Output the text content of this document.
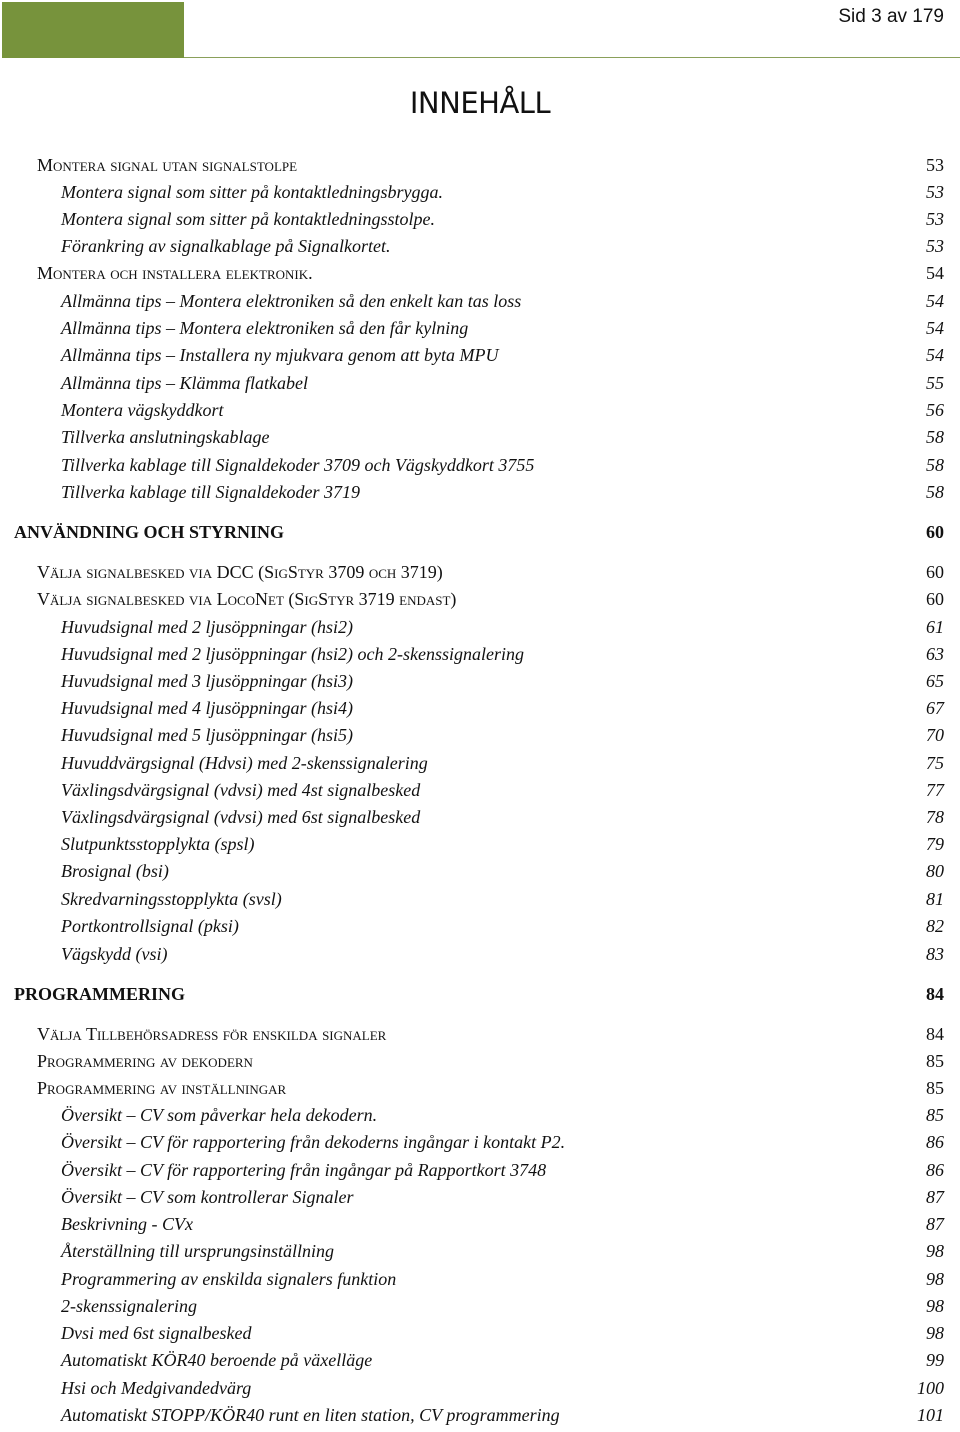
Sid 3 av 179
INNEHÅLL
Montera signal utan signalstolpe	53
Montera signal som sitter på kontaktledningsbrygga.	53
Montera signal som sitter på kontaktledningsstolpe.	53
Förankring av signalkablage på Signalkortet.	53
Montera och installera elektronik.	54
Allmänna tips – Montera elektroniken så den enkelt kan tas loss	54
Allmänna tips – Montera elektroniken så den får kylning	54
Allmänna tips – Installera ny mjukvara genom att byta MPU	54
Allmänna tips – Klämma flatkabel	55
Montera vägskyddkort	56
Tillverka anslutningskablage	58
Tillverka kablage till Signaldekoder 3709 och Vägskyddkort 3755	58
Tillverka kablage till Signaldekoder 3719	58
ANVÄNDNING OCH STYRNING	60
Välja signalbesked via DCC (SigStyr 3709 och 3719)	60
Välja signalbesked via LocoNet (SigStyr 3719 endast)	60
Huvudsignal med 2 ljusöppningar (hsi2)	61
Huvudsignal med 2 ljusöppningar (hsi2) och 2-skenssignalering	63
Huvudsignal med 3 ljusöppningar (hsi3)	65
Huvudsignal med 4 ljusöppningar (hsi4)	67
Huvudsignal med 5 ljusöppningar (hsi5)	70
Huvuddvärgsignal (Hdvsi) med 2-skenssignalering	75
Växlingsdvärgsignal (vdvsi) med 4st signalbesked	77
Växlingsdvärgsignal (vdvsi) med 6st signalbesked	78
Slutpunktsstopplykta (spsl)	79
Brosignal (bsi)	80
Skredvarningsstopplykta (svsl)	81
Portkontrollsignal (pksi)	82
Vägskydd (vsi)	83
PROGRAMMERING	84
Välja Tillbehörsadress för enskilda signaler	84
Programmering av dekodern	85
Programmering av inställningar	85
Översikt – CV som påverkar hela dekodern.	85
Översikt – CV för rapportering från dekoderns ingångar i kontakt P2.	86
Översikt – CV för rapportering från ingångar på Rapportkort 3748	86
Översikt – CV som kontrollerar Signaler	87
Beskrivning - CVx	87
Återställning till ursprungsinställning	98
Programmering av enskilda signalers funktion	98
2-skenssignalering	98
Dvsi med 6st signalbesked	98
Automatiskt KÖR40 beroende på växelläge	99
Hsi och Medgivandedvärg	100
Automatiskt STOPP/KÖR40 runt en liten station, CV programmering	101
